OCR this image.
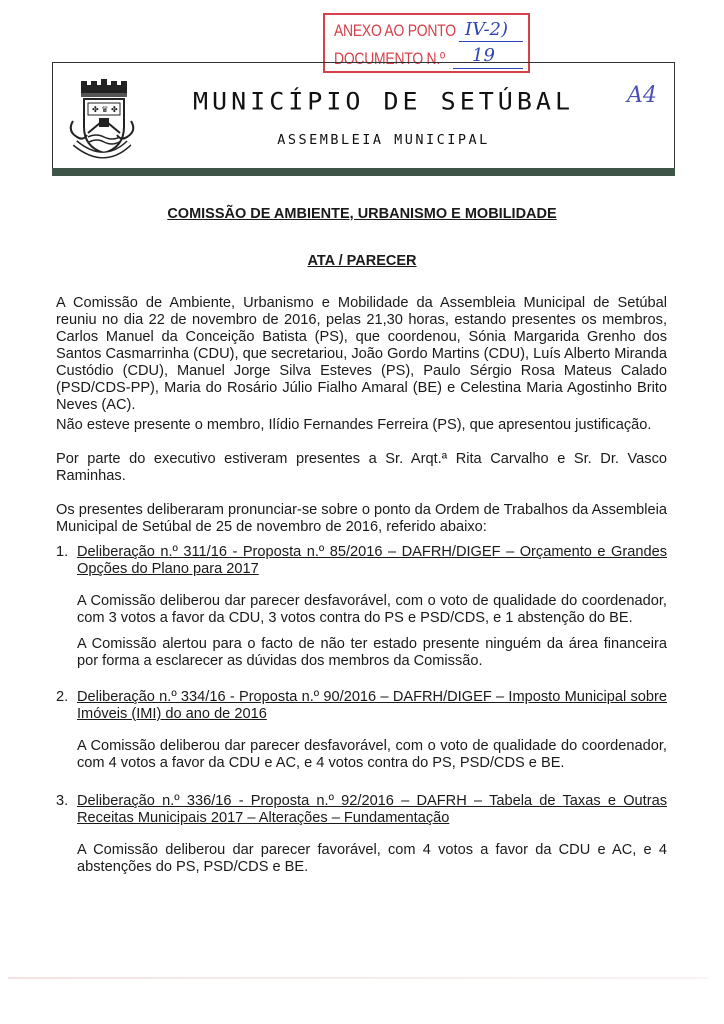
ANEXO AO PONTO IV-2)
DOCUMENTO N.º 19
✤ ♛ ✤	MUNICÍPIO DE SETÚBAL
ASSEMBLEIA MUNICIPAL
A4
COMISSÃO DE AMBIENTE, URBANISMO E MOBILIDADE
ATA / PARECER
A Comissão de Ambiente, Urbanismo e Mobilidade da Assembleia Municipal de Setúbal reuniu no dia 22 de novembro de 2016, pelas 21,30 horas, estando presentes os membros, Carlos Manuel da Conceição Batista (PS), que coordenou, Sónia Margarida Grenho dos Santos Casmarrinha (CDU), que secretariou, João Gordo Martins (CDU), Luís Alberto Miranda Custódio (CDU), Manuel Jorge Silva Esteves (PS), Paulo Sérgio Rosa Mateus Calado (PSD/CDS-PP), Maria do Rosário Júlio Fialho Amaral (BE) e Celestina Maria Agostinho Brito Neves (AC).
Não esteve presente o membro, Ilídio Fernandes Ferreira (PS), que apresentou justificação.
Por parte do executivo estiveram presentes a Sr. Arqt.ª Rita Carvalho e Sr. Dr. Vasco Raminhas.
Os presentes deliberaram pronunciar-se sobre o ponto da Ordem de Trabalhos da Assembleia Municipal de Setúbal de 25 de novembro de 2016, referido abaixo:
1. Deliberação n.º 311/16 - Proposta n.º 85/2016 – DAFRH/DIGEF – Orçamento e Grandes Opções do Plano para 2017
A Comissão deliberou dar parecer desfavorável, com o voto de qualidade do coordenador, com 3 votos a favor da CDU, 3 votos contra do PS e PSD/CDS, e 1 abstenção do BE.
A Comissão alertou para o facto de não ter estado presente ninguém da área financeira por forma a esclarecer as dúvidas dos membros da Comissão.
2. Deliberação n.º 334/16 - Proposta n.º 90/2016 – DAFRH/DIGEF – Imposto Municipal sobre Imóveis (IMI) do ano de 2016
A Comissão deliberou dar parecer desfavorável, com o voto de qualidade do coordenador, com 4 votos a favor da CDU e AC, e 4 votos contra do PS, PSD/CDS e BE.
3. Deliberação n.º 336/16 - Proposta n.º 92/2016 – DAFRH – Tabela de Taxas e Outras Receitas Municipais 2017 – Alterações – Fundamentação
A Comissão deliberou dar parecer favorável, com 4 votos a favor da CDU e AC, e 4 abstenções do PS, PSD/CDS e BE.
